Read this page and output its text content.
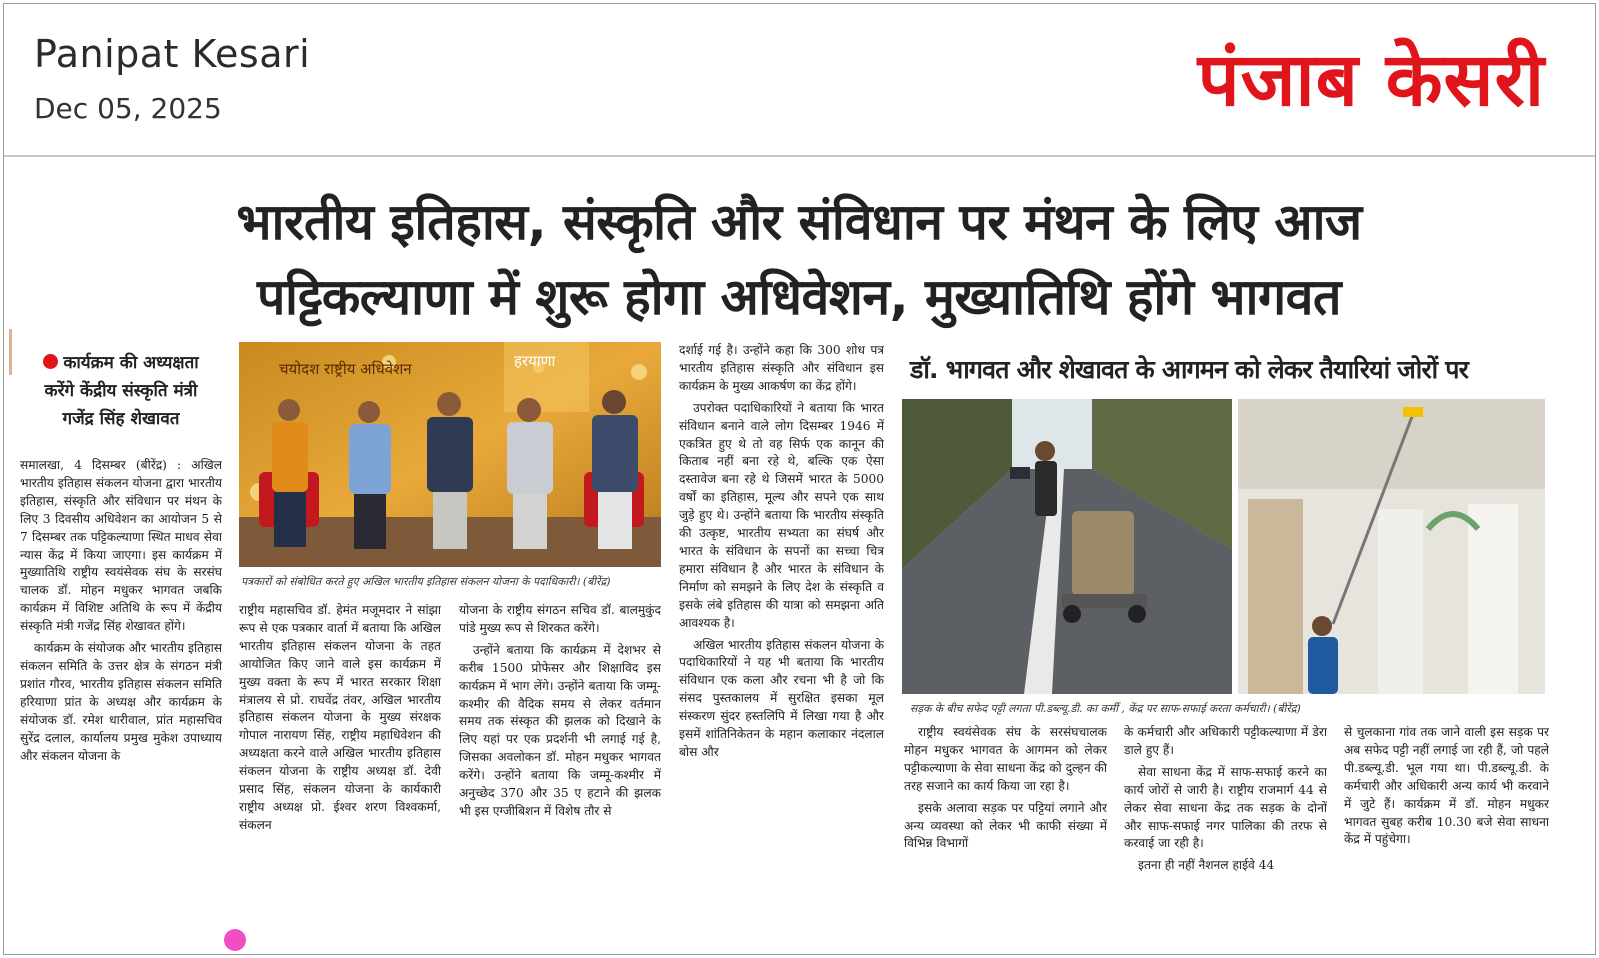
Panipat Kesari
Dec 05, 2025	पंजाब केसरी
भारतीय इतिहास, संस्कृति और संविधान पर मंथन के लिए आज
पट्टिकल्याणा में शुरू होगा अधिवेशन, मुख्यातिथि होंगे भागवत
कार्यक्रम की अध्यक्षता
करेंगे केंद्रीय संस्कृति मंत्री
गजेंद्र सिंह शेखावत

समालखा, 4 दिसम्बर (बीरेंद्र) : अखिल भारतीय इतिहास संकलन योजना द्वारा भारतीय इतिहास, संस्कृति और संविधान पर मंथन के लिए 3 दिवसीय अधिवेशन का आयोजन 5 से 7 दिसम्बर तक पट्टिकल्याणा स्थित माधव सेवा न्यास केंद्र में किया जाएगा। इस कार्यक्रम में मुख्यातिथि राष्ट्रीय स्वयंसेवक संघ के सरसंघ चालक डॉ. मोहन मधुकर भागवत जबकि कार्यक्रम में विशिष्ट अतिथि के रूप में केंद्रीय संस्कृति मंत्री गजेंद्र सिंह शेखावत होंगे।

कार्यक्रम के संयोजक और भारतीय इतिहास संकलन समिति के उत्तर क्षेत्र के संगठन मंत्री प्रशांत गौरव, भारतीय इतिहास संकलन समिति हरियाणा प्रांत के अध्यक्ष और कार्यक्रम के संयोजक डॉ. रमेश धारीवाल, प्रांत महासचिव सुरेंद्र दलाल, कार्यालय प्रमुख मुकेश उपाध्याय और संकलन योजना के

चयोदश राष्ट्रीय अधिवेशन	हरयाणा
पत्रकारों को संबोधित करते हुए अखिल भारतीय इतिहास संकलन योजना के पदाधिकारी। (बीरेंद्र)

राष्ट्रीय महासचिव डॉ. हेमंत मजूमदार ने सांझा रूप से एक पत्रकार वार्ता में बताया कि अखिल भारतीय इतिहास संकलन योजना के तहत आयोजित किए जाने वाले इस कार्यक्रम में मुख्य वक्ता के रूप में भारत सरकार शिक्षा मंत्रालय से प्रो. राघवेंद्र तंवर, अखिल भारतीय इतिहास संकलन योजना के मुख्य संरक्षक गोपाल नारायण सिंह, राष्ट्रीय महाधिवेशन की अध्यक्षता करने वाले अखिल भारतीय इतिहास संकलन योजना के राष्ट्रीय अध्यक्ष डॉ. देवी प्रसाद सिंह, संकलन योजना के कार्यकारी राष्ट्रीय अध्यक्ष प्रो. ईश्वर शरण विश्वकर्मा, संकलन

योजना के राष्ट्रीय संगठन सचिव डॉ. बालमुकुंद पांडे मुख्य रूप से शिरकत करेंगे।

उन्होंने बताया कि कार्यक्रम में देशभर से करीब 1500 प्रोफेसर और शिक्षाविद इस कार्यक्रम में भाग लेंगे। उन्होंने बताया कि जम्मू-कश्मीर की वैदिक समय से लेकर वर्तमान समय तक संस्कृत की झलक को दिखाने के लिए यहां पर एक प्रदर्शनी भी लगाई गई है, जिसका अवलोकन डॉ. मोहन मधुकर भागवत करेंगे। उन्होंने बताया कि जम्मू-कश्मीर में अनुच्छेद 370 और 35 ए हटाने की झलक भी इस एग्जीबिशन में विशेष तौर से

दर्शाई गई है। उन्होंने कहा कि 300 शोध पत्र भारतीय इतिहास संस्कृति और संविधान इस कार्यक्रम के मुख्य आकर्षण का केंद्र होंगे।

उपरोक्त पदाधिकारियों ने बताया कि भारत संविधान बनाने वाले लोग दिसम्बर 1946 में एकत्रित हुए थे तो वह सिर्फ एक कानून की किताब नहीं बना रहे थे, बल्कि एक ऐसा दस्तावेज बना रहे थे जिसमें भारत के 5000 वर्षों का इतिहास, मूल्य और सपने एक साथ जुड़े हुए थे। उन्होंने बताया कि भारतीय संस्कृति की उत्कृष्ट, भारतीय सभ्यता का संघर्ष और भारत के संविधान के सपनों का सच्चा चित्र हमारा संविधान है और भारत के संविधान के निर्माण को समझने के लिए देश के संस्कृति व इसके लंबे इतिहास की यात्रा को समझना अति आवश्यक है।

अखिल भारतीय इतिहास संकलन योजना के पदाधिकारियों ने यह भी बताया कि भारतीय संविधान एक कला और रचना भी है जो कि संसद पुस्तकालय में सुरक्षित इसका मूल संस्करण सुंदर हस्तलिपि में लिखा गया है और इसमें शांतिनिकेतन के महान कलाकार नंदलाल बोस और

डॉ. भागवत और शेखावत के आगमन को लेकर तैयारियां जोरों पर
सड़क के बीच सफेद पट्टी लगता पी.डब्ल्यू.डी. का कर्मी , केंद्र पर साफ-सफाई करता कर्मचारी। (बीरेंद्र)

राष्ट्रीय स्वयंसेवक संघ के सरसंघचालक मोहन मधुकर भागवत के आगमन को लेकर पट्टीकल्याणा के सेवा साधना केंद्र को दुल्हन की तरह सजाने का कार्य किया जा रहा है।

इसके अलावा सड़क पर पट्टियां लगाने और अन्य व्यवस्था को लेकर भी काफी संख्या में विभिन्न विभागों

के कर्मचारी और अधिकारी पट्टीकल्याणा में डेरा डाले हुए हैं।

सेवा साधना केंद्र में साफ-सफाई करने का कार्य जोरों से जारी है। राष्ट्रीय राजमार्ग 44 से लेकर सेवा साधना केंद्र तक सड़क के दोनों और साफ-सफाई नगर पालिका की तरफ से करवाई जा रही है।

इतना ही नहीं नैशनल हाईवे 44

से चुलकाना गांव तक जाने वाली इस सड़क पर अब सफेद पट्टी नहीं लगाई जा रही हैं, जो पहले पी.डब्ल्यू.डी. भूल गया था। पी.डब्ल्यू.डी. के कर्मचारी और अधिकारी अन्य कार्य भी करवाने में जुटे हैं। कार्यक्रम में डॉ. मोहन मधुकर भागवत सुबह करीब 10.30 बजे सेवा साधना केंद्र में पहुंचेगा।
